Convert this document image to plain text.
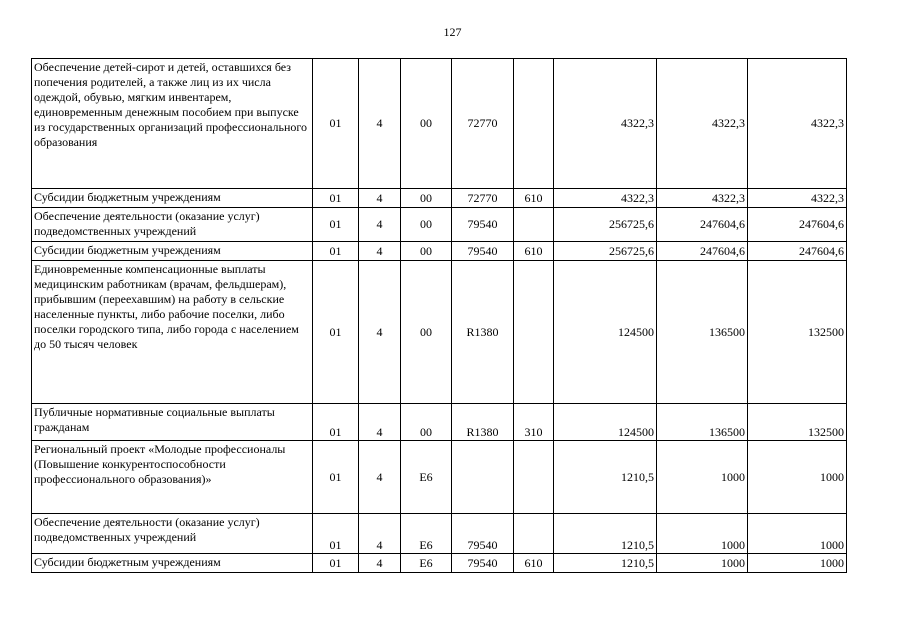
127
Обеспечение детей-сирот и детей, оставшихся без попечения родителей, а также лиц из их числа одеждой, обувью, мягким инвентарем, единовременным денежным пособием при выпуске из государственных организаций профессионального образования	01	4	00	72770		4322,3	4322,3	4322,3
Субсидии бюджетным учреждениям	01	4	00	72770	610	4322,3	4322,3	4322,3
Обеспечение деятельности (оказание услуг) подведомственных учреждений	01	4	00	79540		256725,6	247604,6	247604,6
Субсидии бюджетным учреждениям	01	4	00	79540	610	256725,6	247604,6	247604,6
Единовременные компенсационные выплаты медицинским работникам (врачам, фельдшерам), прибывшим (переехавшим) на работу в сельские населенные пункты, либо рабочие поселки, либо поселки городского типа, либо города с населением до 50 тысяч человек	01	4	00	R1380		124500	136500	132500
Публичные нормативные социальные выплаты гражданам	01	4	00	R1380	310	124500	136500	132500
Региональный проект «Молодые профессионалы (Повышение конкурентоспособности профессионального образования)»	01	4	Е6			1210,5	1000	1000
Обеспечение деятельности (оказание услуг) подведомственных учреждений	01	4	Е6	79540		1210,5	1000	1000
Субсидии бюджетным учреждениям	01	4	Е6	79540	610	1210,5	1000	1000
